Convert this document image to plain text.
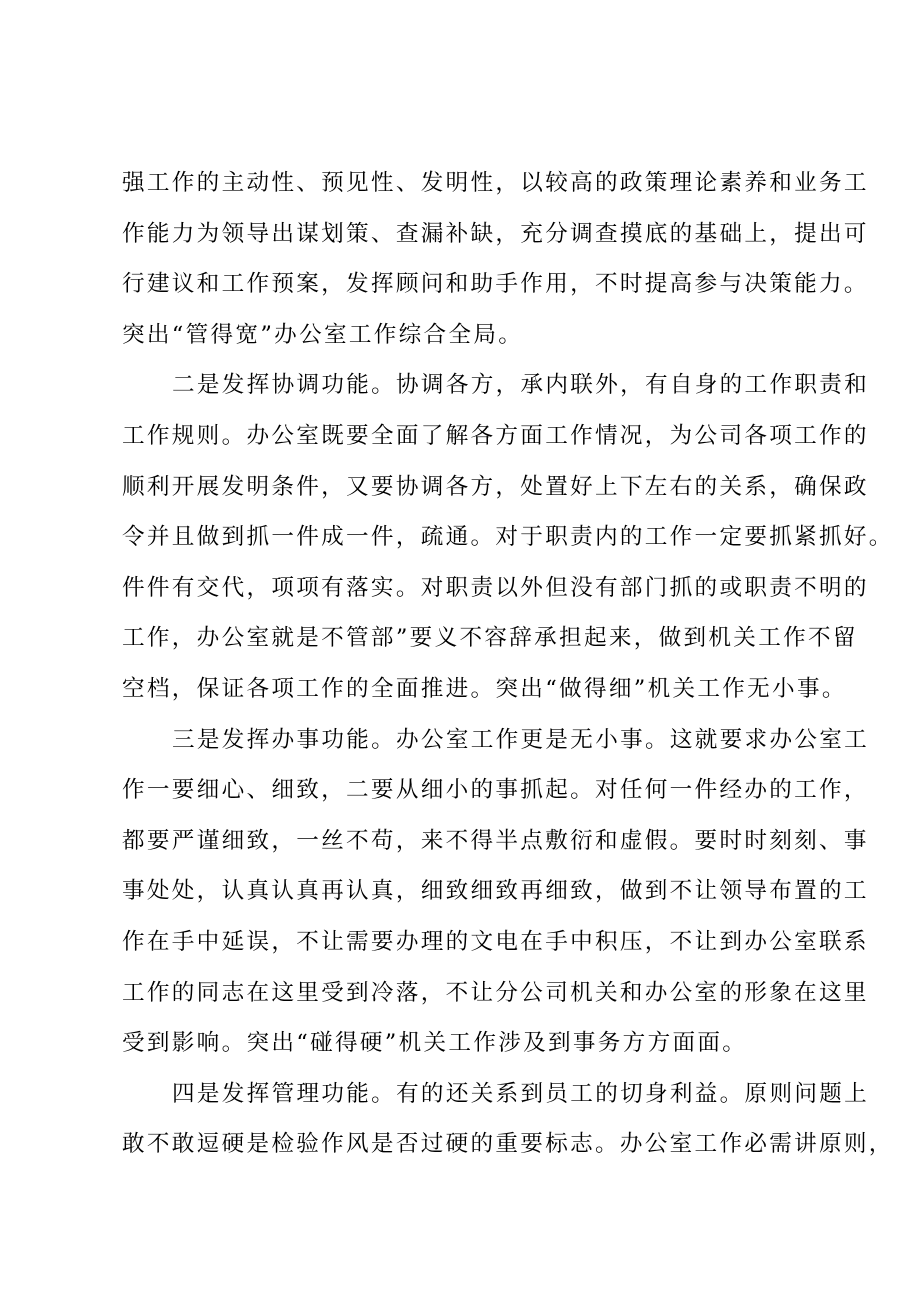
强工作的主动性、预见性、发明性，以较高的政策理论素养和业务工
作能力为领导出谋划策、查漏补缺，充分调查摸底的基础上，提出可
行建议和工作预案，发挥顾问和助手作用，不时提高参与决策能力。
突出“管得宽”办公室工作综合全局。
二是发挥协调功能。协调各方，承内联外，有自身的工作职责和
工作规则。办公室既要全面了解各方面工作情况，为公司各项工作的
顺利开展发明条件，又要协调各方，处置好上下左右的关系，确保政
令并且做到抓一件成一件，疏通。对于职责内的工作一定要抓紧抓好。
件件有交代，项项有落实。对职责以外但没有部门抓的或职责不明的
工作，办公室就是不管部”要义不容辞承担起来，做到机关工作不留
空档，保证各项工作的全面推进。突出“做得细”机关工作无小事。
三是发挥办事功能。办公室工作更是无小事。这就要求办公室工
作一要细心、细致，二要从细小的事抓起。对任何一件经办的工作，
都要严谨细致，一丝不苟，来不得半点敷衍和虚假。要时时刻刻、事
事处处，认真认真再认真，细致细致再细致，做到不让领导布置的工
作在手中延误，不让需要办理的文电在手中积压，不让到办公室联系
工作的同志在这里受到冷落，不让分公司机关和办公室的形象在这里
受到影响。突出“碰得硬”机关工作涉及到事务方方面面。
四是发挥管理功能。有的还关系到员工的切身利益。原则问题上
敢不敢逗硬是检验作风是否过硬的重要标志。办公室工作必需讲原则，
